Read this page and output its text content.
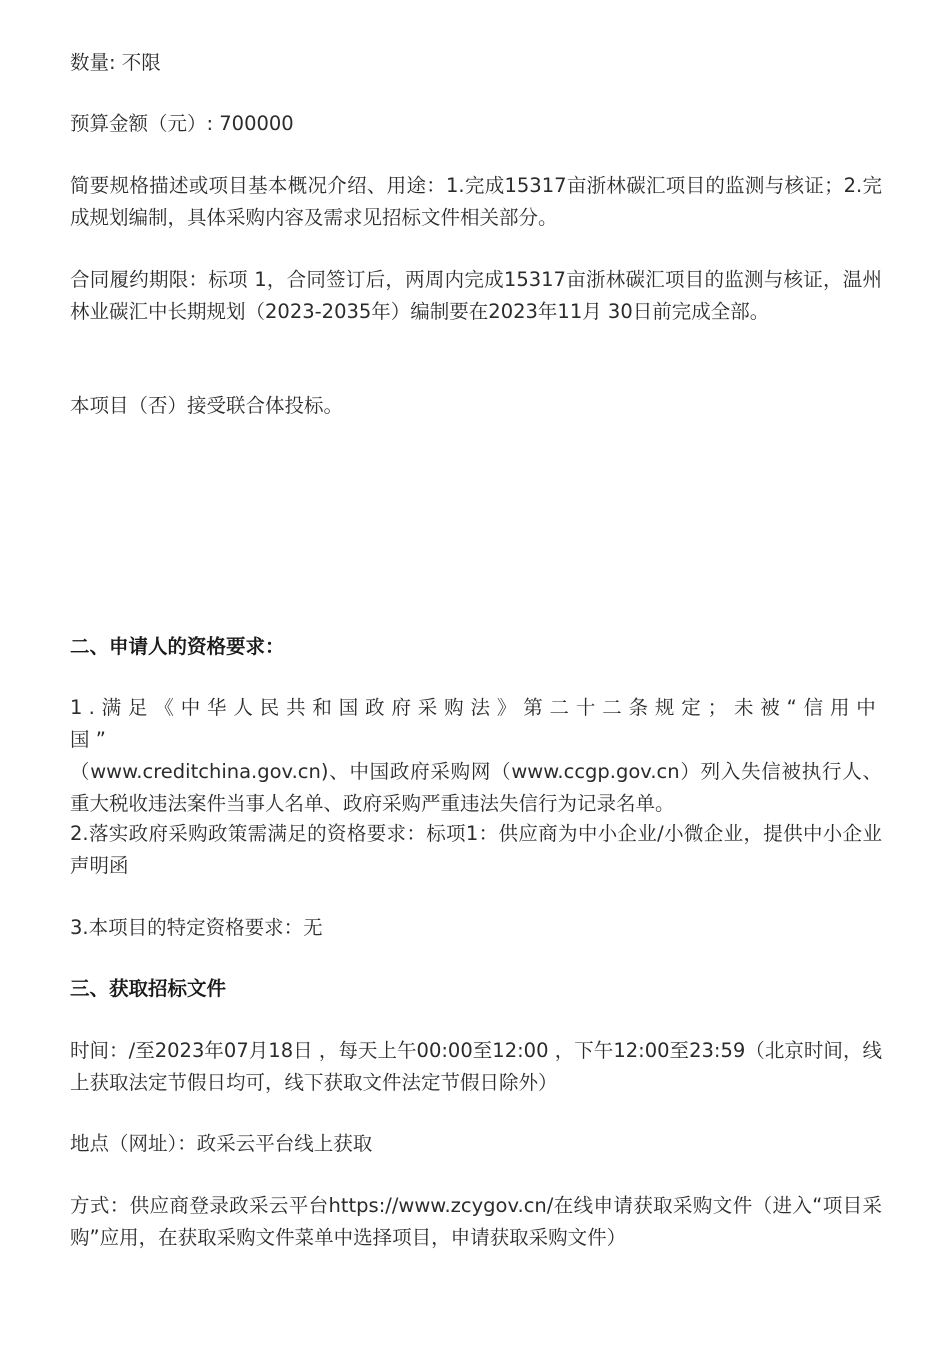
数量: 不限

预算金额（元）: 700000

简要规格描述或项目基本概况介绍、用途：1.完成15317亩浙林碳汇项目的监测与核证；2.完成规划编制，具体采购内容及需求见招标文件相关部分。

合同履约期限：标项 1，合同签订后，两周内完成15317亩浙林碳汇项目的监测与核证，温州林业碳汇中长期规划（2023-2035年）编制要在2023年11月 30日前完成全部。

本项目（否）接受联合体投标。

二、申请人的资格要求：

1.满足《中华人民共和国政府采购法》第二十二条规定；未被“信用中国”
（www.creditchina.gov.cn)、中国政府采购网（www.ccgp.gov.cn）列入失信被执行人、重大税收违法案件当事人名单、政府采购严重违法失信行为记录名单。

2.落实政府采购政策需满足的资格要求：标项1：供应商为中小企业/小微企业，提供中小企业声明函

3.本项目的特定资格要求：无

三、获取招标文件

时间：/至2023年07月18日 ，每天上午00:00至12:00 ，下午12:00至23:59（北京时间，线上获取法定节假日均可，线下获取文件法定节假日除外）

地点（网址）：政采云平台线上获取

方式：供应商登录政采云平台https://www.zcygov.cn/在线申请获取采购文件（进入“项目采购”应用，在获取采购文件菜单中选择项目，申请获取采购文件）
